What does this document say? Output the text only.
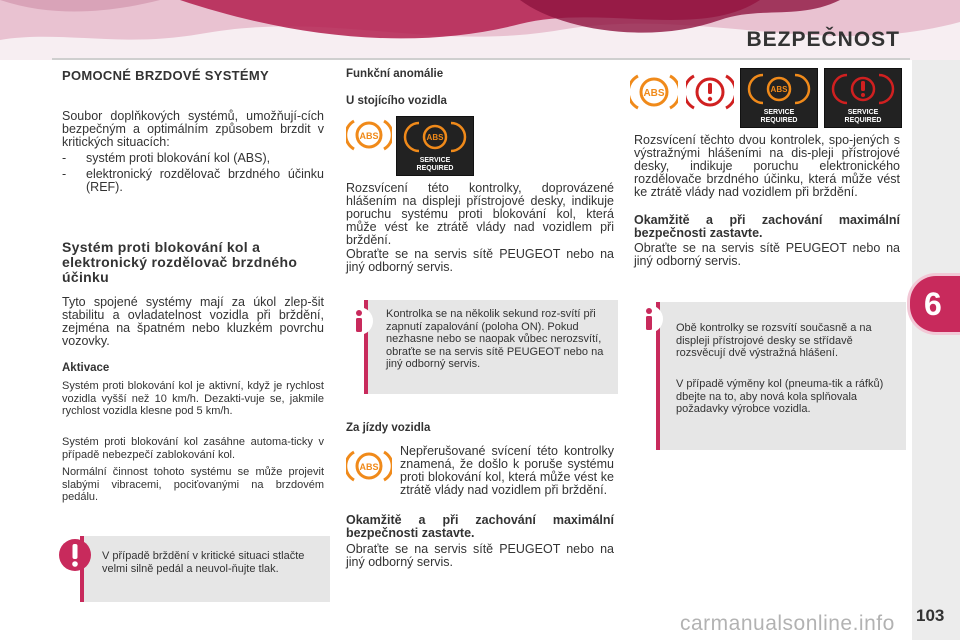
BEZPEČNOST
6
103
carmanualsonline.info
POMOCNÉ BRZDOVÉ SYSTÉMY
Soubor doplňkových systémů, umožňují-cích bezpečným a optimálním způsobem brzdit v kritických situacích:
- systém proti blokování kol (ABS),
- elektronický rozdělovač brzdného účinku (REF).
Systém proti blokování kol a elektronický rozdělovač brzdného účinku
Tyto spojené systémy mají za úkol zlep-šit stabilitu a ovladatelnost vozidla při brždění, zejména na špatném nebo kluzkém povrchu vozovky.
Aktivace
Systém proti blokování kol je aktivní, když je rychlost vozidla vyšší než 10 km/h. Dezakti-vuje se, jakmile rychlost vozidla klesne pod 5 km/h.
Systém proti blokování kol zasáhne automa-ticky v případě nebezpečí zablokování kol.
Normální činnost tohoto systému se může projevit slabými vibracemi, pociťovanými na brzdovém pedálu.
V případě brždění v kritické situaci stlačte velmi silně pedál a neuvol-ňujte tlak.
Funkční anomálie
U stojícího vozidla
ABS	ABS
SERVICE
REQUIRED
Rozsvícení této kontrolky, doprovázené hlášením na displeji přístrojové desky, indikuje poruchu systému proti blokování kol, která může vést ke ztrátě vlády nad vozidlem při brždění.
Obraťte se na servis sítě PEUGEOT nebo na jiný odborný servis.
Kontrolka se na několik sekund roz-svítí při zapnutí zapalování (poloha ON). Pokud nezhasne nebo se naopak vůbec nerozsvítí, obraťte se na servis sítě PEUGEOT nebo na jiný odborný servis.
Za jízdy vozidla
ABS
Nepřerušované svícení této kontrolky znamená, že došlo k poruše systému proti blokování kol, která může vést ke ztrátě vlády nad vozidlem při brždění.
Okamžitě a při zachování maximální bezpečnosti zastavte.
Obraťte se na servis sítě PEUGEOT nebo na jiný odborný servis.
ABS	ABS
SERVICE
REQUIRED
SERVICE
REQUIRED
Rozsvícení těchto dvou kontrolek, spo-jených s výstražnými hlášeními na dis-pleji přístrojové desky, indikuje poruchu elektronického rozdělovače brzdného účinku, která může vést ke ztrátě vlády nad vozidlem při brždění.
Okamžitě a při zachování maximální bezpečnosti zastavte.
Obraťte se na servis sítě PEUGEOT nebo na jiný odborný servis.
Obě kontrolky se rozsvítí současně a na displeji přístrojové desky se střídavě rozsvěcují dvě výstražná hlášení.
V případě výměny kol (pneuma-tik a ráfků) dbejte na to, aby nová kola splňovala požadavky výrobce vozidla.
